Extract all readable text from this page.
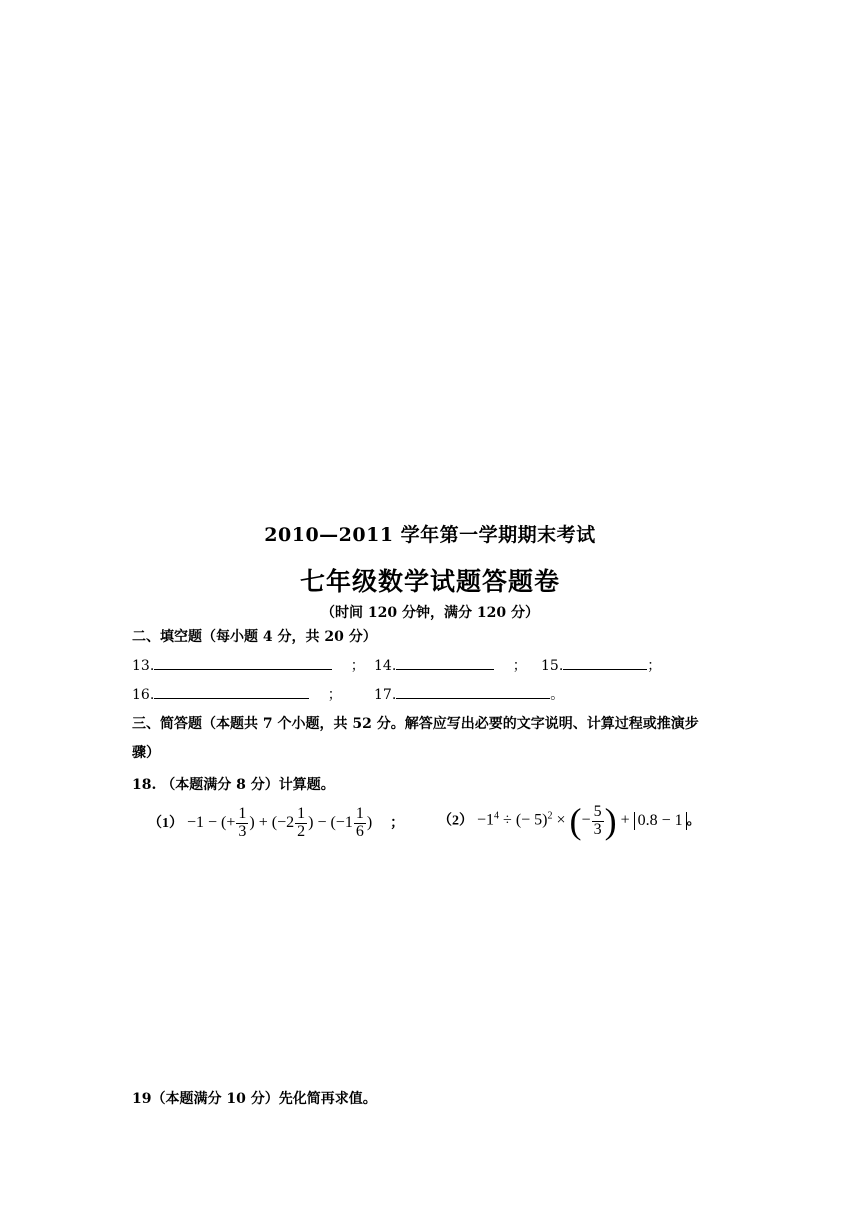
2010—2011 学年第一学期期末考试
七年级数学试题答题卷
（时间 120 分钟，满分 120 分）
二、填空题（每小题 4 分，共 20 分）
13.	； 14.	； 15.	；
16.	； 17.	。
三、简答题（本题共 7 个小题，共 52 分。解答应写出必要的文字说明、计算过程或推演步
骤）
18. （本题满分 8 分）计算题。
（1） −1 − (+ $\frac{1}{3}$ ) + ($-2 \frac{1}{2}$ ) − ($-1 \frac{1}{6}$ ) ； $(2) -1^4$ ÷ (− 5)$^2$ × (− $\frac{5}{3}$ ) + 0.8 − 1 。
19（本题满分 10 分）先化简再求值。
